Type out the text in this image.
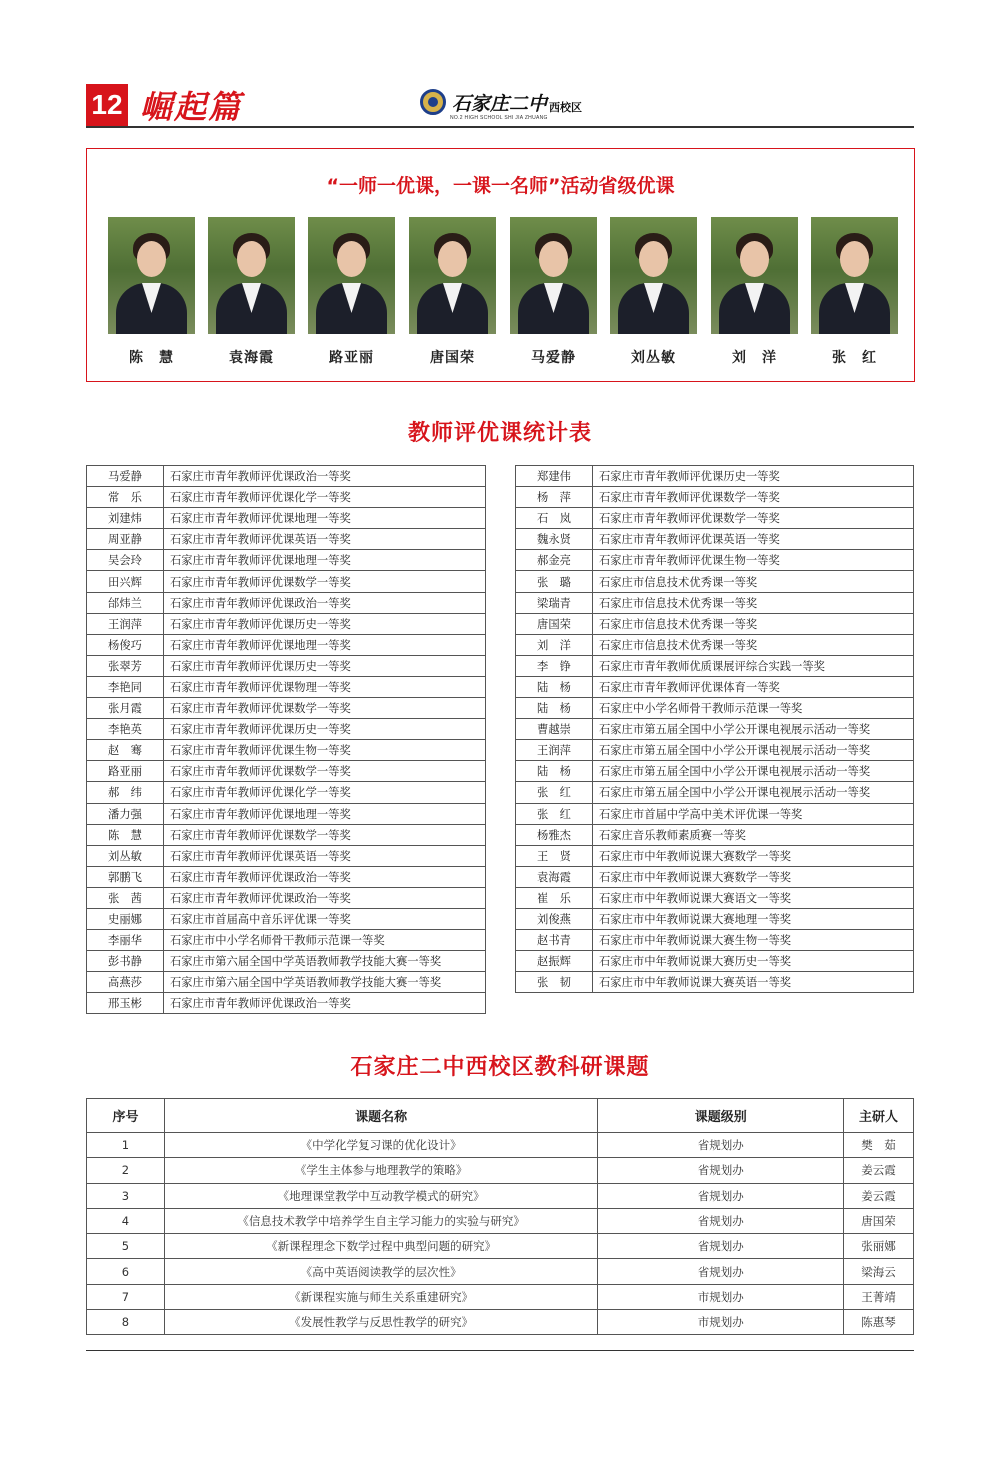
12 崛起篇	石家庄二中 西校区
NO.2 HIGH SCHOOL SHI JIA ZHUANG
“一师一优课，一课一名师”活动省级优课
陈　慧	袁海霞	路亚丽	唐国荣	马爱静	刘丛敏	刘　洋	张　红
教师评优课统计表
马爱静	石家庄市青年教师评优课政治一等奖
常　乐	石家庄市青年教师评优课化学一等奖
刘建炜	石家庄市青年教师评优课地理一等奖
周亚静	石家庄市青年教师评优课英语一等奖
吴会玲	石家庄市青年教师评优课地理一等奖
田兴辉	石家庄市青年教师评优课数学一等奖
邰炜兰	石家庄市青年教师评优课政治一等奖
王润萍	石家庄市青年教师评优课历史一等奖
杨俊巧	石家庄市青年教师评优课地理一等奖
张翠芳	石家庄市青年教师评优课历史一等奖
李艳同	石家庄市青年教师评优课物理一等奖
张月霞	石家庄市青年教师评优课数学一等奖
李艳英	石家庄市青年教师评优课历史一等奖
赵　骞	石家庄市青年教师评优课生物一等奖
路亚丽	石家庄市青年教师评优课数学一等奖
郝　纬	石家庄市青年教师评优课化学一等奖
潘力强	石家庄市青年教师评优课地理一等奖
陈　慧	石家庄市青年教师评优课数学一等奖
刘丛敏	石家庄市青年教师评优课英语一等奖
郭鹏飞	石家庄市青年教师评优课政治一等奖
张　茜	石家庄市青年教师评优课政治一等奖
史丽娜	石家庄市首届高中音乐评优课一等奖
李丽华	石家庄市中小学名师骨干教师示范课一等奖
彭书静	石家庄市第六届全国中学英语教师教学技能大赛一等奖
高燕莎	石家庄市第六届全国中学英语教师教学技能大赛一等奖
邢玉彬	石家庄市青年教师评优课政治一等奖
郑建伟	石家庄市青年教师评优课历史一等奖
杨　萍	石家庄市青年教师评优课数学一等奖
石　岚	石家庄市青年教师评优课数学一等奖
魏永贤	石家庄市青年教师评优课英语一等奖
郝金亮	石家庄市青年教师评优课生物一等奖
张　璐	石家庄市信息技术优秀课一等奖
梁瑞青	石家庄市信息技术优秀课一等奖
唐国荣	石家庄市信息技术优秀课一等奖
刘　洋	石家庄市信息技术优秀课一等奖
李　铮	石家庄市青年教师优质课展评综合实践一等奖
陆　杨	石家庄市青年教师评优课体育一等奖
陆　杨	石家庄中小学名师骨干教师示范课一等奖
曹越崇	石家庄市第五届全国中小学公开课电视展示活动一等奖
王润萍	石家庄市第五届全国中小学公开课电视展示活动一等奖
陆　杨	石家庄市第五届全国中小学公开课电视展示活动一等奖
张　红	石家庄市第五届全国中小学公开课电视展示活动一等奖
张　红	石家庄市首届中学高中美术评优课一等奖
杨雅杰	石家庄音乐教师素质赛一等奖
王　贤	石家庄市中年教师说课大赛数学一等奖
袁海霞	石家庄市中年教师说课大赛数学一等奖
崔　乐	石家庄市中年教师说课大赛语文一等奖
刘俊燕	石家庄市中年教师说课大赛地理一等奖
赵书青	石家庄市中年教师说课大赛生物一等奖
赵振辉	石家庄市中年教师说课大赛历史一等奖
张　韧	石家庄市中年教师说课大赛英语一等奖
石家庄二中西校区教科研课题
序号	课题名称	课题级别	主研人
1	《中学化学复习课的优化设计》	省规划办	樊　茹
2	《学生主体参与地理教学的策略》	省规划办	姜云霞
3	《地理课堂教学中互动教学模式的研究》	省规划办	姜云霞
4	《信息技术教学中培养学生自主学习能力的实验与研究》	省规划办	唐国荣
5	《新课程理念下数学过程中典型问题的研究》	省规划办	张丽娜
6	《高中英语阅读教学的层次性》	省规划办	梁海云
7	《新课程实施与师生关系重建研究》	市规划办	王菁靖
8	《发展性教学与反思性教学的研究》	市规划办	陈惠琴
